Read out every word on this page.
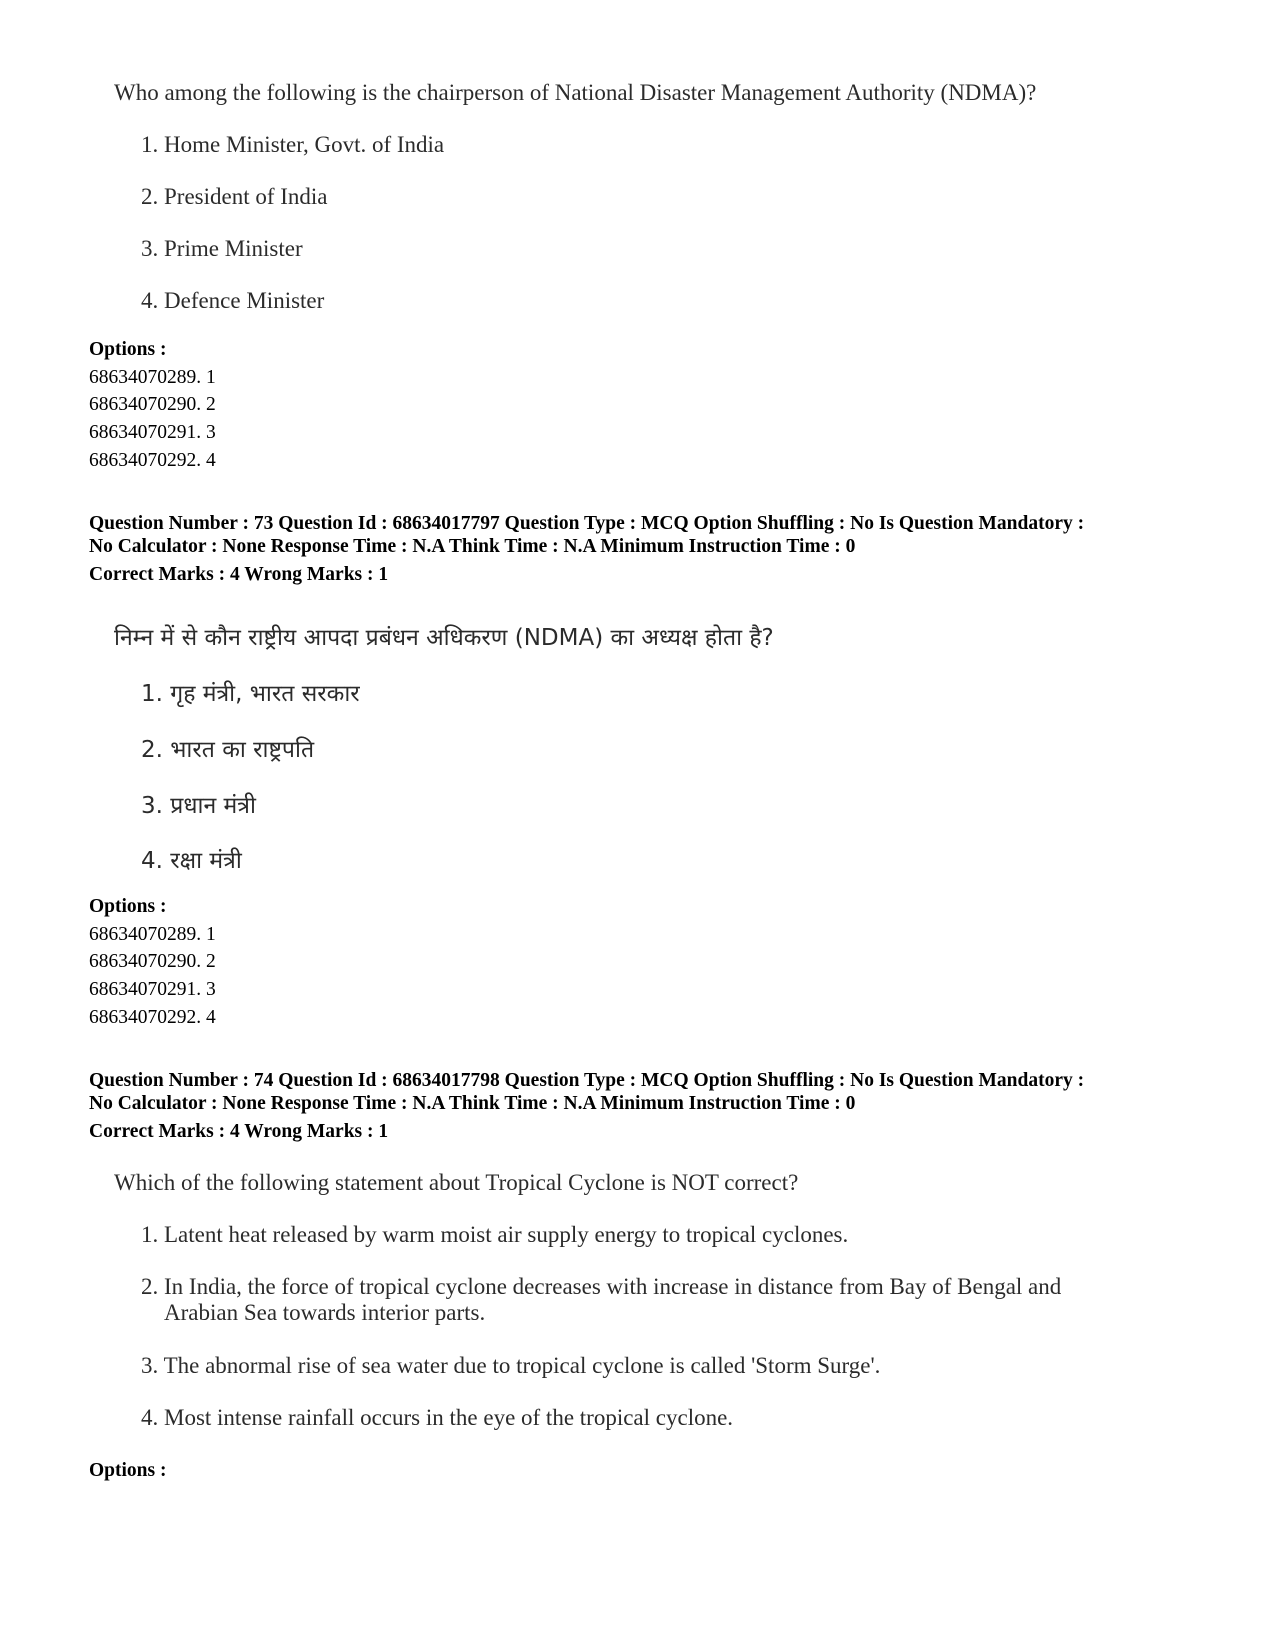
Who among the following is the chairperson of National Disaster Management Authority (NDMA)?
1. Home Minister, Govt. of India
2. President of India
3. Prime Minister
4. Defence Minister
Options :
68634070289. 1
68634070290. 2
68634070291. 3
68634070292. 4
Question Number : 73 Question Id : 68634017797 Question Type : MCQ Option Shuffling : No Is Question Mandatory :
No Calculator : None Response Time : N.A Think Time : N.A Minimum Instruction Time : 0
Correct Marks : 4 Wrong Marks : 1
निम्न में से कौन राष्ट्रीय आपदा प्रबंधन अधिकरण (NDMA) का अध्यक्ष होता है?
1. गृह मंत्री, भारत सरकार
2. भारत का राष्ट्रपति
3. प्रधान मंत्री
4. रक्षा मंत्री
Options :
68634070289. 1
68634070290. 2
68634070291. 3
68634070292. 4
Question Number : 74 Question Id : 68634017798 Question Type : MCQ Option Shuffling : No Is Question Mandatory :
No Calculator : None Response Time : N.A Think Time : N.A Minimum Instruction Time : 0
Correct Marks : 4 Wrong Marks : 1
Which of the following statement about Tropical Cyclone is NOT correct?
1. Latent heat released by warm moist air supply energy to tropical cyclones.
2. In India, the force of tropical cyclone decreases with increase in distance from Bay of Bengal and
Arabian Sea towards interior parts.
3. The abnormal rise of sea water due to tropical cyclone is called 'Storm Surge'.
4. Most intense rainfall occurs in the eye of the tropical cyclone.
Options :
